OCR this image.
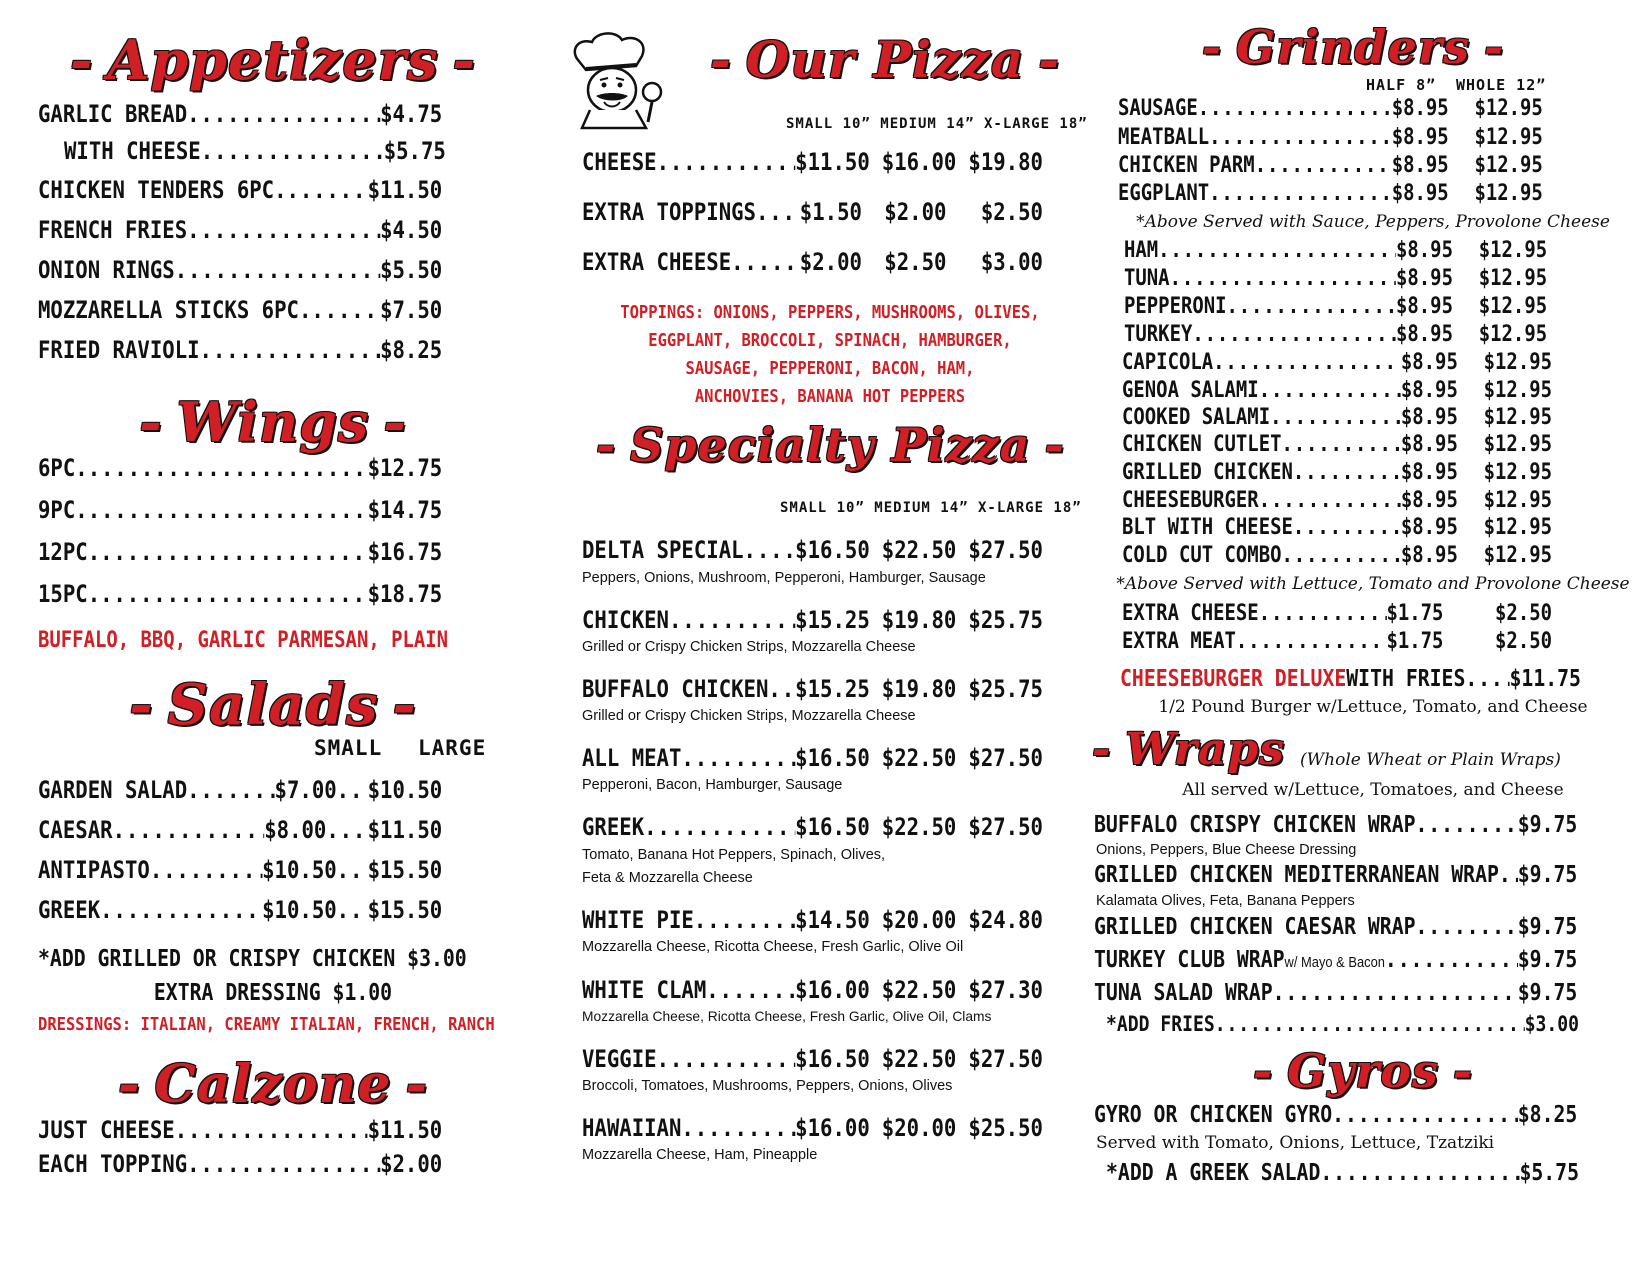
- Appetizers -
GARLIC BREAD .....	$4.75
WITH CHEESE .....	$5.75
CHICKEN TENDERS 6PC. .....	$11.50
FRENCH FRIES .....	$4.50
ONION RINGS .....	$5.50
MOZZARELLA STICKS 6PC. .....	$7.50
FRIED RAVIOLI .....	$8.25
- Wings -
6PC. .....	$12.75
9PC. .....	$14.75
12PC. .....	$16.75
15PC. .....	$18.75
BUFFALO, BBQ, GARLIC PARMESAN, PLAIN
- Salads -
SMALL LARGE
GARDEN SALAD .....	$7.00 ..... $10.50
CAESAR .....	$8.00 ..... $11.50
ANTIPASTO .....	$10.50 ..... $15.50
GREEK .....	$10.50 ..... $15.50
*ADD GRILLED OR CRISPY CHICKEN $3.00
EXTRA DRESSING $1.00
DRESSINGS: ITALIAN, CREAMY ITALIAN, FRENCH, RANCH
- Calzone -
JUST CHEESE .....	$11.50
EACH TOPPING .....	$2.00
- Our Pizza -
SMALL 10” MEDIUM 14” X-LARGE 18”
CHEESE .....	$11.50 $16.00 $19.80
EXTRA TOPPINGS ..... $1.50 $2.00 $2.50
EXTRA CHEESE .....	$2.00 $2.50 $3.00
TOPPINGS: ONIONS, PEPPERS, MUSHROOMS, OLIVES,
EGGPLANT, BROCCOLI, SPINACH, HAMBURGER,
SAUSAGE, PEPPERONI, BACON, HAM,
ANCHOVIES, BANANA HOT PEPPERS
- Specialty Pizza -
SMALL 10” MEDIUM 14” X-LARGE 18”
DELTA SPECIAL ..... $16.50 $22.50 $27.50
Peppers, Onions, Mushroom, Pepperoni, Hamburger, Sausage
CHICKEN .....	$15.25 $19.80 $25.75
Grilled or Crispy Chicken Strips, Mozzarella Cheese
BUFFALO CHICKEN ..... $15.25 $19.80 $25.75
Grilled or Crispy Chicken Strips, Mozzarella Cheese
ALL MEAT .....	$16.50 $22.50 $27.50
Pepperoni, Bacon, Hamburger, Sausage
GREEK .....	$16.50 $22.50 $27.50
Tomato, Banana Hot Peppers, Spinach, Olives,
Feta & Mozzarella Cheese
WHITE PIE .....	$14.50 $20.00 $24.80
Mozzarella Cheese, Ricotta Cheese, Fresh Garlic, Olive Oil
WHITE CLAM .....	$16.00 $22.50 $27.30
Mozzarella Cheese, Ricotta Cheese, Fresh Garlic, Olive Oil, Clams
VEGGIE .....	$16.50 $22.50 $27.50
Broccoli, Tomatoes, Mushrooms, Peppers, Onions, Olives
HAWAIIAN .....	$16.00 $20.00 $25.50
Mozzarella Cheese, Ham, Pineapple
- Grinders -
HALF 8” WHOLE 12”
SAUSAGE .....	$8.95 $12.95
MEATBALL .....	$8.95 $12.95
CHICKEN PARM .....	$8.95 $12.95
EGGPLANT .....	$8.95 $12.95
*Above Served with Sauce, Peppers, Provolone Cheese
HAM .....	$8.95 $12.95
TUNA .....	$8.95 $12.95
PEPPERONI .....	$8.95 $12.95
TURKEY .....	$8.95 $12.95
CAPICOLA .....	$8.95 $12.95
GENOA SALAMI .....	$8.95 $12.95
COOKED SALAMI .....	$8.95 $12.95
CHICKEN CUTLET .....	$8.95 $12.95
GRILLED CHICKEN .....	$8.95 $12.95
CHEESEBURGER .....	$8.95 $12.95
BLT WITH CHEESE .....	$8.95 $12.95
COLD CUT COMBO .....	$8.95 $12.95
*Above Served with Lettuce, Tomato and Provolone Cheese
EXTRA CHEESE .....	$1.75 $2.50
EXTRA MEAT .....	$1.75 $2.50
CHEESEBURGER DELUXE WITH FRIES ..... $11.75
1/2 Pound Burger w/Lettuce, Tomato, and Cheese
- Wraps (Whole Wheat or Plain Wraps)
All served w/Lettuce, Tomatoes, and Cheese
BUFFALO CRISPY CHICKEN WRAP .....	$9.75
Onions, Peppers, Blue Cheese Dressing
GRILLED CHICKEN MEDITERRANEAN WRAP ..... $9.75
Kalamata Olives, Feta, Banana Peppers
GRILLED CHICKEN CAESAR WRAP .....	$9.75
TURKEY CLUB WRAP w/ Mayo & Bacon .....	$9.75
TUNA SALAD WRAP .....	$9.75
*ADD FRIES .....	$3.00
- Gyros -
GYRO OR CHICKEN GYRO .....	$8.25
Served with Tomato, Onions, Lettuce, Tzatziki
*ADD A GREEK SALAD .....	$5.75
